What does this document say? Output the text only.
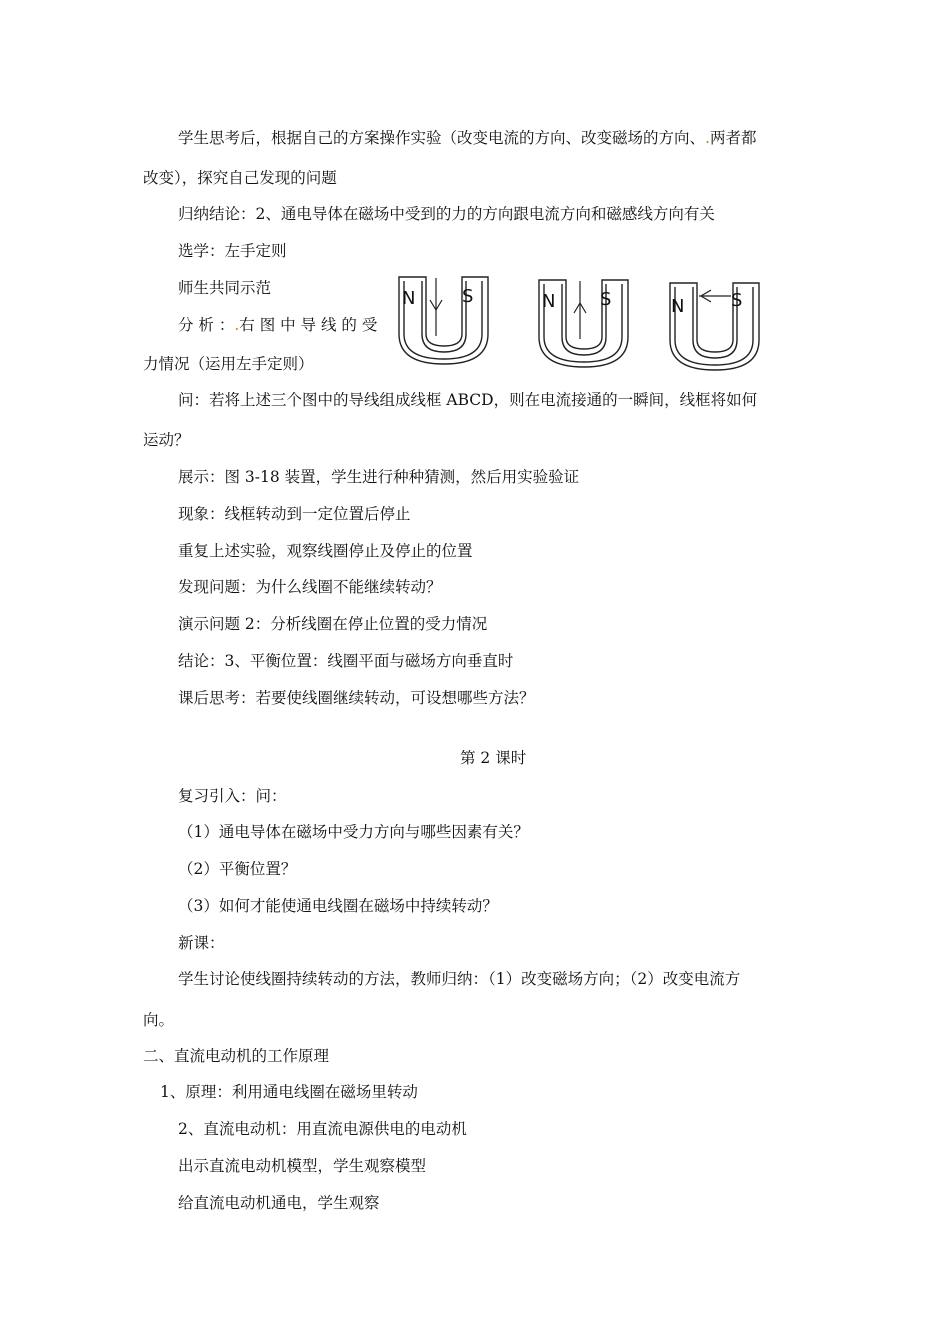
学生思考后，根据自己的方案操作实验（改变电流的方向、改变磁场的方向、.两者都
改变），探究自己发现的问题
归纳结论：2、通电导体在磁场中受到的力的方向跟电流方向和磁感线方向有关
选学：左手定则
师生共同示范
分 析 ：.右 图 中 导 线 的 受
力情况（运用左手定则）
N	S	N S	N	S
问：若将上述三个图中的导线组成线框 ABCD，则在电流接通的一瞬间，线框将如何
运动？
展示：图 3-18 装置，学生进行种种猜测，然后用实验验证
现象：线框转动到一定位置后停止
重复上述实验，观察线圈停止及停止的位置
发现问题：为什么线圈不能继续转动？
演示问题 2：分析线圈在停止位置的受力情况
结论：3、平衡位置：线圈平面与磁场方向垂直时
课后思考：若要使线圈继续转动，可设想哪些方法？
第 2 课时
复习引入：问：
（1）通电导体在磁场中受力方向与哪些因素有关？
（2）平衡位置？
（3）如何才能使通电线圈在磁场中持续转动？
新课：
学生讨论使线圈持续转动的方法，教师归纳：（1）改变磁场方向；（2）改变电流方
向。
二、直流电动机的工作原理
1、原理：利用通电线圈在磁场里转动
2、直流电动机：用直流电源供电的电动机
出示直流电动机模型，学生观察模型
给直流电动机通电，学生观察
